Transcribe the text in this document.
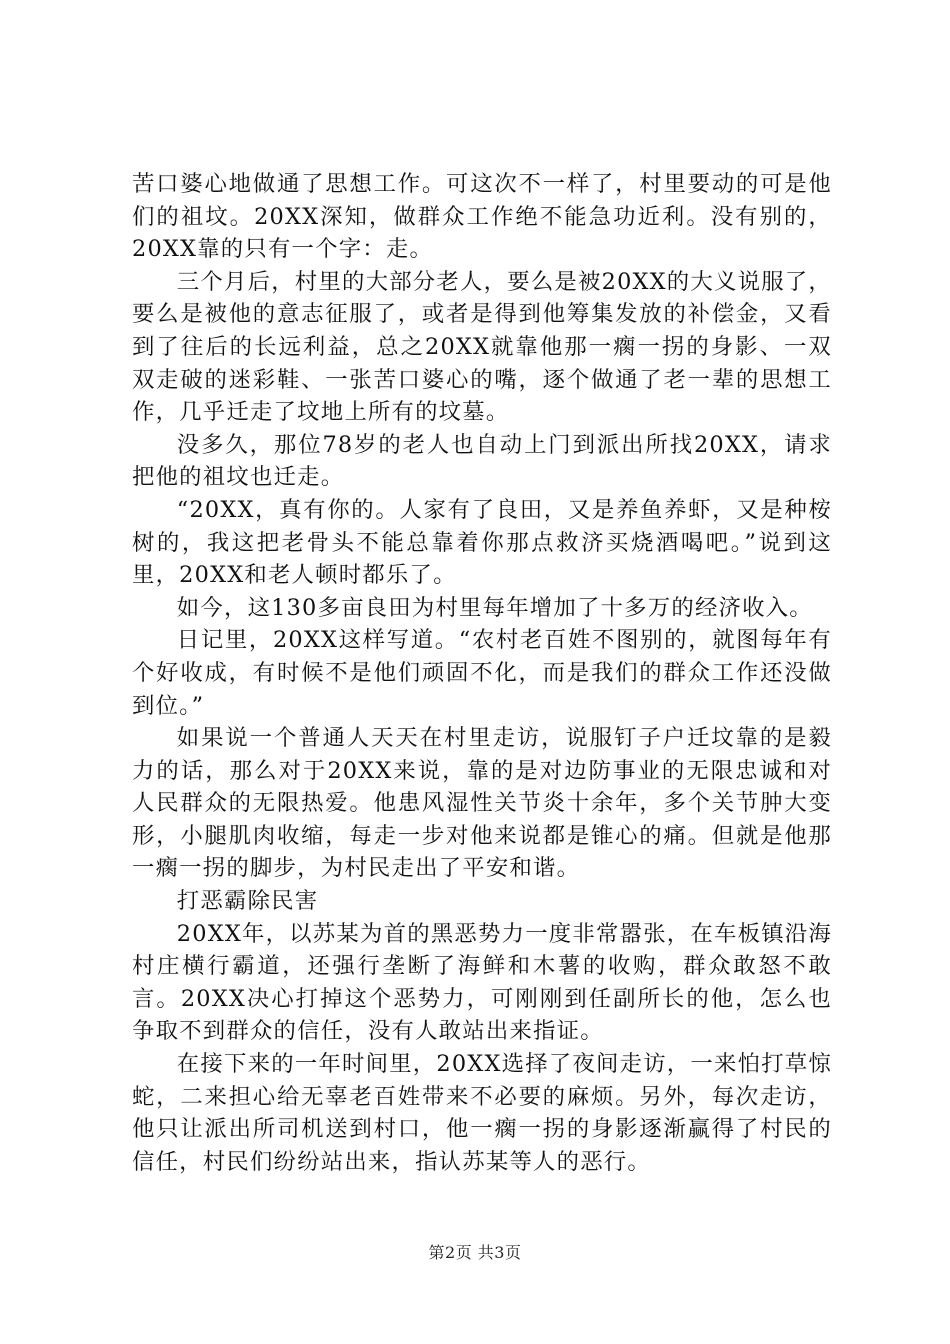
苦口婆心地做通了思想工作。可这次不一样了，村里要动的可是他们的祖坟。20XX深知，做群众工作绝不能急功近利。没有别的，20XX靠的只有一个字：走。

三个月后，村里的大部分老人，要么是被20XX的大义说服了，要么是被他的意志征服了，或者是得到他筹集发放的补偿金，又看到了往后的长远利益，总之20XX就靠他那一瘸一拐的身影、一双双走破的迷彩鞋、一张苦口婆心的嘴，逐个做通了老一辈的思想工作，几乎迁走了坟地上所有的坟墓。

没多久，那位78岁的老人也自动上门到派出所找20XX，请求把他的祖坟也迁走。

“20XX，真有你的。人家有了良田，又是养鱼养虾，又是种桉树的，我这把老骨头不能总靠着你那点救济买烧酒喝吧。”说到这里，20XX和老人顿时都乐了。

如今，这130多亩良田为村里每年增加了十多万的经济收入。

日记里，20XX这样写道。“农村老百姓不图别的，就图每年有个好收成，有时候不是他们顽固不化，而是我们的群众工作还没做到位。”

如果说一个普通人天天在村里走访，说服钉子户迁坟靠的是毅力的话，那么对于20XX来说，靠的是对边防事业的无限忠诚和对人民群众的无限热爱。他患风湿性关节炎十余年，多个关节肿大变形，小腿肌肉收缩，每走一步对他来说都是锥心的痛。但就是他那一瘸一拐的脚步，为村民走出了平安和谐。

打恶霸除民害

20XX年，以苏某为首的黑恶势力一度非常嚣张，在车板镇沿海村庄横行霸道，还强行垄断了海鲜和木薯的收购，群众敢怒不敢言。20XX决心打掉这个恶势力，可刚刚到任副所长的他，怎么也争取不到群众的信任，没有人敢站出来指证。

在接下来的一年时间里，20XX选择了夜间走访，一来怕打草惊蛇，二来担心给无辜老百姓带来不必要的麻烦。另外，每次走访，他只让派出所司机送到村口，他一瘸一拐的身影逐渐赢得了村民的信任，村民们纷纷站出来，指认苏某等人的恶行。

第2页 共3页
